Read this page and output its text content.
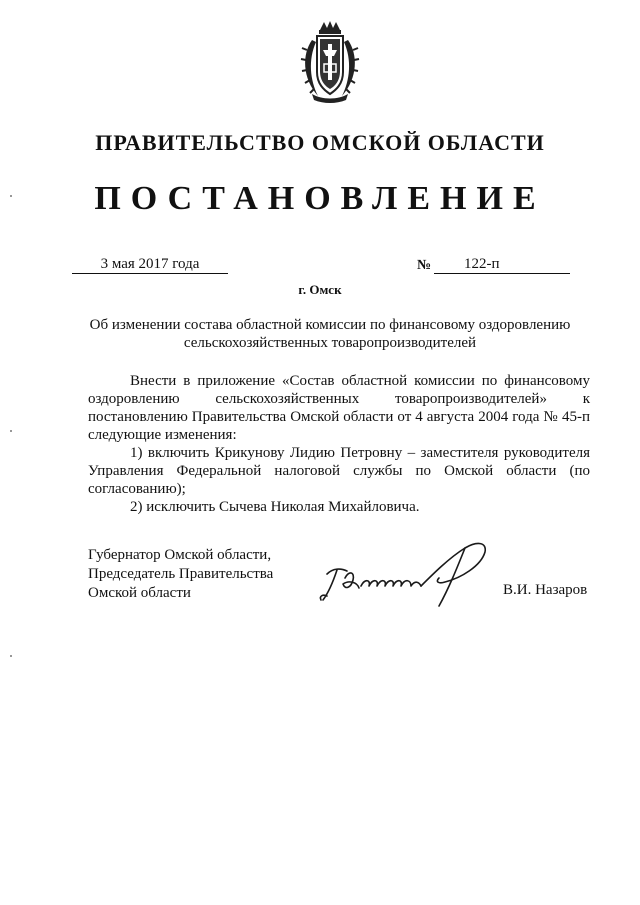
ПРАВИТЕЛЬСТВО ОМСКОЙ ОБЛАСТИ
ПОСТАНОВЛЕНИЕ
3 мая 2017 года	№	122-п
г. Омск
Об изменении состава областной комиссии по финансовому оздоровлению сельскохозяйственных товаропроизводителей

Внести в приложение «Состав областной комиссии по финансовому оздоровлению сельскохозяйственных товаропроизводителей» к постановлению Правительства Омской области от 4 августа 2004 года № 45-п следующие изменения:

1) включить Крикунову Лидию Петровну – заместителя руководителя Управления Федеральной налоговой службы по Омской области (по согласованию);

2) исключить Сычева Николая Михайловича.

Губернатор Омской области,
Председатель Правительства
Омской области	В.И. Назаров
